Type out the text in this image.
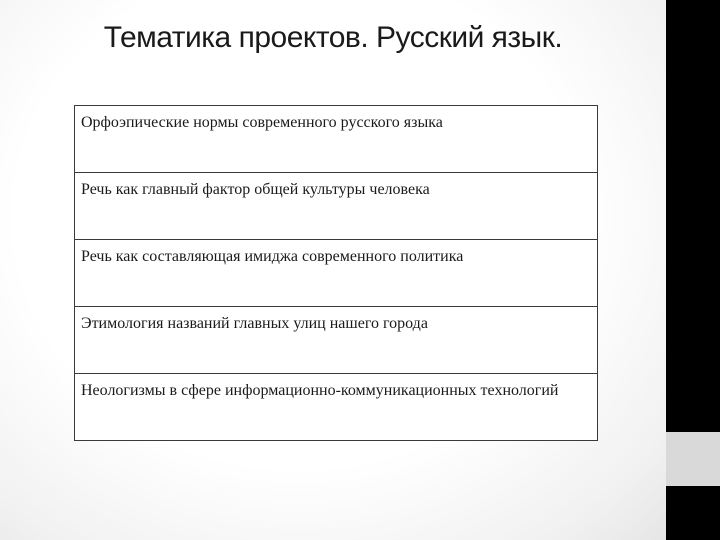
Тематика проектов. Русский язык.
Орфоэпические нормы современного русского языка
Речь как главный фактор общей культуры человека
Речь как составляющая имиджа современного политика
Этимология названий главных улиц нашего города
Неологизмы в сфере информационно-коммуникационных технологий
